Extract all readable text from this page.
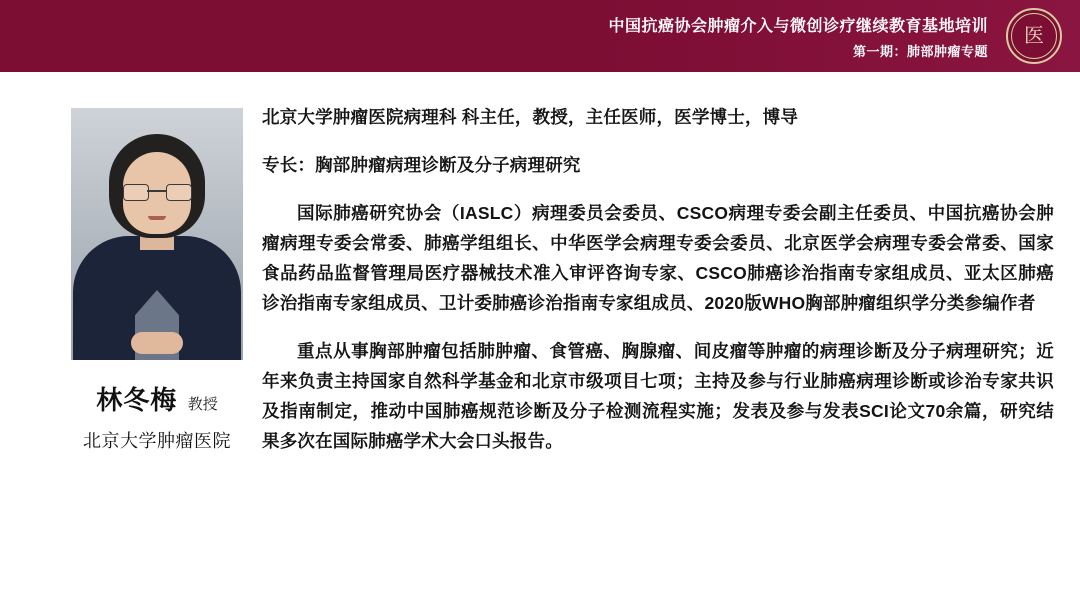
中国抗癌协会肿瘤介入与微创诊疗继续教育基地培训
第一期：肺部肿瘤专题
医
林冬梅 教授
北京大学肿瘤医院

北京大学肿瘤医院病理科 科主任，教授，主任医师，医学博士，博导

专长：胸部肿瘤病理诊断及分子病理研究

国际肺癌研究协会（IASLC）病理委员会委员、CSCO病理专委会副主任委员、中国抗癌协会肿瘤病理专委会常委、肺癌学组组长、中华医学会病理专委会委员、北京医学会病理专委会常委、国家食品药品监督管理局医疗器械技术准入审评咨询专家、CSCO肺癌诊治指南专家组成员、亚太区肺癌诊治指南专家组成员、卫计委肺癌诊治指南专家组成员、2020版WHO胸部肿瘤组织学分类参编作者

重点从事胸部肿瘤包括肺肿瘤、食管癌、胸腺瘤、间皮瘤等肿瘤的病理诊断及分子病理研究；近年来负责主持国家自然科学基金和北京市级项目七项；主持及参与行业肺癌病理诊断或诊治专家共识及指南制定，推动中国肺癌规范诊断及分子检测流程实施；发表及参与发表SCI论文70余篇，研究结果多次在国际肺癌学术大会口头报告。
